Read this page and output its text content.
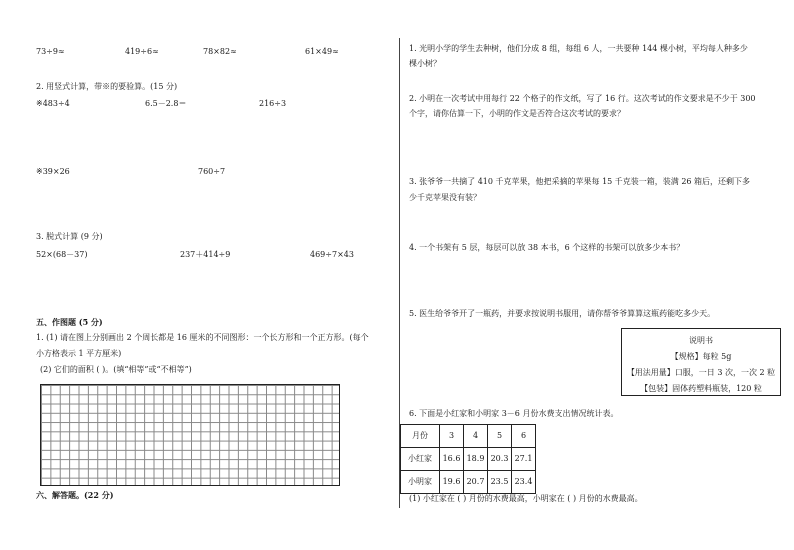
73÷9≈	419÷6≈	78×82≈	61×49≈
2. 用竖式计算，带※的要验算。(15 分)
※483÷4	6.5－2.8＝	216÷3
※39×26	760÷7
3. 脱式计算 (9 分)
52×(68－37)	237＋414÷9	469÷7×43
五、作图题 (5 分)
1. (1) 请在图上分别画出 2 个周长都是 16 厘米的不同图形：一个长方形和一个正方形。(每个
小方格表示 1 平方厘米)
(2) 它们的面积 ( )。(填“相等”或“不相等”)
六、解答题。(22 分)
1. 光明小学的学生去种树，他们分成 8 组，每组 6 人，一共要种 144 棵小树，平均每人种多少
棵小树？
2. 小明在一次考试中用每行 22 个格子的作文纸，写了 16 行。这次考试的作文要求是不少于 300
个字，请你估算一下，小明的作文是否符合这次考试的要求？
3. 张爷爷一共摘了 410 千克苹果，他把采摘的苹果每 15 千克装一箱，装满 26 箱后，还剩下多
少千克苹果没有装？
4. 一个书架有 5 层，每层可以放 38 本书，6 个这样的书架可以放多少本书？
5. 医生给爷爷开了一瓶药，并要求按说明书服用，请你帮爷爷算算这瓶药能吃多少天。
说明书
【规格】每粒 5g
【用法用量】口服，一日 3 次，一次 2 粒
【包装】固体药塑料瓶装，120 粒
6. 下面是小红家和小明家 3－6 月份水费支出情况统计表。
月份	3	4	5	6
小红家	16.6	18.9	20.3	27.1
小明家	19.6	20.7	23.5	23.4
(1) 小红家在 ( ) 月份的水费最高，小明家在 ( ) 月份的水费最高。
